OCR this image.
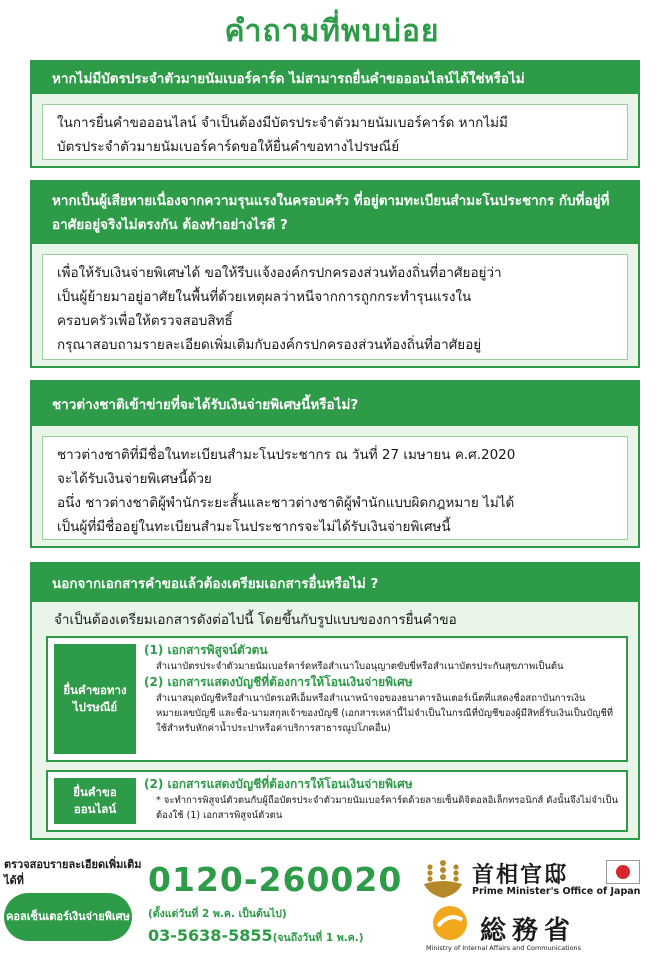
คำถามที่พบบ่อย
หากไม่มีบัตรประจำตัวมายนัมเบอร์คาร์ด ไม่สามารถยื่นคำขอออนไลน์ได้ใช่หรือไม่

ในการยื่นคำขอออนไลน์ จำเป็นต้องมีบัตรประจำตัวมายนัมเบอร์คาร์ด หากไม่มี

บัตรประจำตัวมายนัมเบอร์คาร์ดขอให้ยื่นคำขอทางไปรษณีย์

หากเป็นผู้เสียหายเนื่องจากความรุนแรงในครอบครัว ที่อยู่ตามทะเบียนสำมะโนประชากร กับที่อยู่ที่อาศัยอยู่จริงไม่ตรงกัน ต้องทำอย่างไรดี ?

เพื่อให้รับเงินจ่ายพิเศษได้ ขอให้รีบแจ้งองค์กรปกครองส่วนท้องถิ่นที่อาศัยอยู่ว่า

เป็นผู้ย้ายมาอยู่อาศัยในพื้นที่ด้วยเหตุผลว่าหนีจากการถูกกระทำรุนแรงใน

ครอบครัวเพื่อให้ตรวจสอบสิทธิ์

กรุณาสอบถามรายละเอียดเพิ่มเติมกับองค์กรปกครองส่วนท้องถิ่นที่อาศัยอยู่

ชาวต่างชาติเข้าข่ายที่จะได้รับเงินจ่ายพิเศษนี้หรือไม่?

ชาวต่างชาติที่มีชื่อในทะเบียนสำมะโนประชากร ณ วันที่ 27 เมษายน ค.ศ.2020

จะได้รับเงินจ่ายพิเศษนี้ด้วย

อนึ่ง ชาวต่างชาติผู้พำนักระยะสั้นและชาวต่างชาติผู้พำนักแบบผิดกฎหมาย ไม่ได้

เป็นผู้ที่มีชื่ออยู่ในทะเบียนสำมะโนประชากรจะไม่ได้รับเงินจ่ายพิเศษนี้

นอกจากเอกสารคำขอแล้วต้องเตรียมเอกสารอื่นหรือไม่ ?
จำเป็นต้องเตรียมเอกสารดังต่อไปนี้ โดยขึ้นกับรูปแบบของการยื่นคำขอ
ยื่นคำขอทาง ไปรษณีย์
(1) เอกสารพิสูจน์ตัวตน
สำเนาบัตรประจำตัวมายนัมเบอร์คาร์ดหรือสำเนาใบอนุญาตขับขี่หรือสำเนาบัตรประกันสุขภาพเป็นต้น
(2) เอกสารแสดงบัญชีที่ต้องการให้โอนเงินจ่ายพิเศษ
สำเนาสมุดบัญชีหรือสำเนาบัตรเอทีเอ็มหรือสำเนาหน้าจอของธนาคารอินเตอร์เน็ตที่แสดงชื่อสถาบันการเงิน หมายเลขบัญชี และชื่อ-นามสกุลเจ้าของบัญชี (เอกสารเหล่านี้ไม่จำเป็นในกรณีที่บัญชีของผู้มีสิทธิ์รับเงินเป็นบัญชีที่ใช้สำหรับหักค่าน้ำประปาหรือค่าบริการสาธารณูปโภคอื่น)
ยื่นคำขอ ออนไลน์
(2) เอกสารแสดงบัญชีที่ต้องการให้โอนเงินจ่ายพิเศษ
* จะทำการพิสูจน์ตัวตนกับผู้ถือบัตรประจำตัวมายนัมเบอร์คาร์ดด้วยลายเซ็นดิจิตอลอิเล็กทรอนิกส์ ดังนั้นจึงไม่จำเป็นต้องใช้ (1) เอกสารพิสูจน์ตัวตน
ตรวจสอบรายละเอียดเพิ่มเติมได้ที่
คอลเซ็นเตอร์เงินจ่ายพิเศษ
0120-260020
(ตั้งแต่วันที่ 2 พ.ค. เป็นต้นไป)
03-5638-5855(จนถึงวันที่ 1 พ.ค.)
首相官邸
Prime Minister's Office of Japan
総務省
Ministry of Internal Affairs and Communications
